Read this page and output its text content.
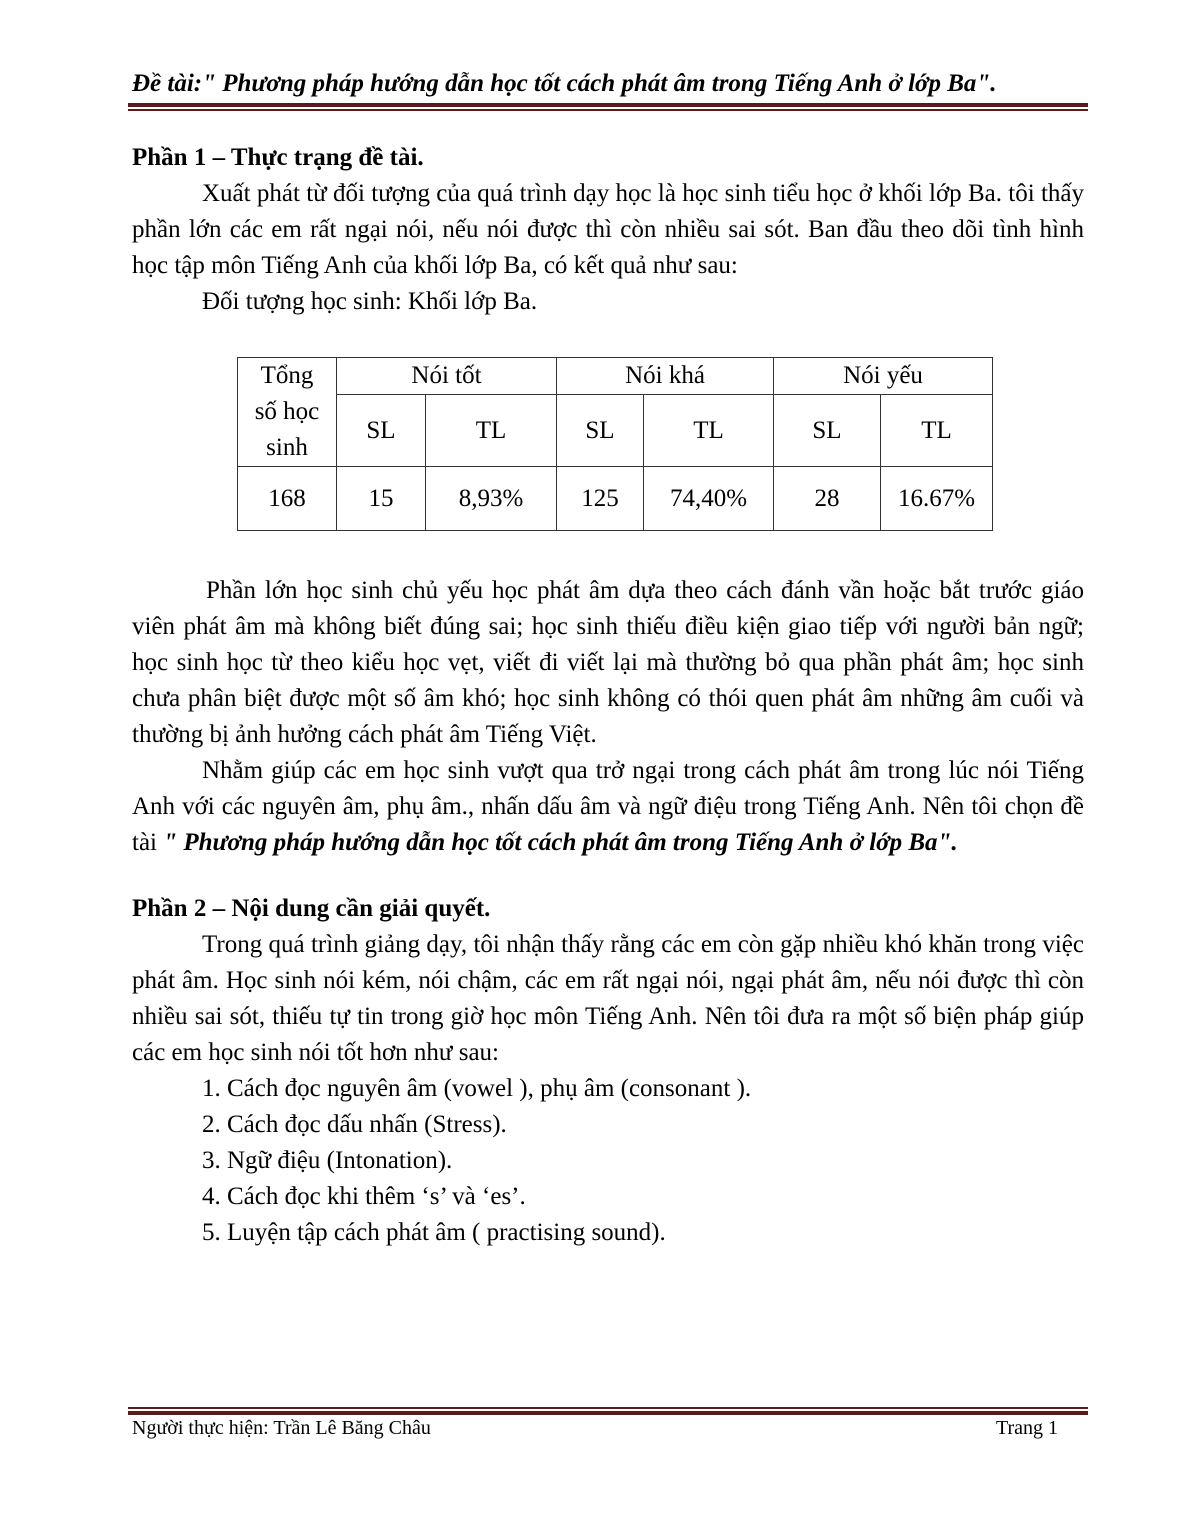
Đề tài:" Phương pháp hướng dẫn học tốt cách phát âm trong Tiếng Anh ở lớp Ba".

Phần 1 – Thực trạng đề tài.

Xuất phát từ đối tượng của quá trình dạy học là học sinh tiểu học ở khối lớp Ba. tôi thấy phần lớn các em rất ngại nói, nếu nói được thì còn nhiều sai sót. Ban đầu theo dõi tình hình học tập môn Tiếng Anh của khối lớp Ba, có kết quả như sau:

Đối tượng học sinh: Khối lớp Ba.

Tổng số học sinh	Nói tốt		Nói khá		Nói yếu	
	SL	TL	SL	TL	SL	TL
168	15	8,93%	125	74,40%	28	16.67%

Phần lớn học sinh chủ yếu học phát âm dựa theo cách đánh vần hoặc bắt trước giáo viên phát âm mà không biết đúng sai; học sinh thiếu điều kiện giao tiếp với người bản ngữ; học sinh học từ theo kiểu học vẹt, viết đi viết lại mà thường bỏ qua phần phát âm; học sinh chưa phân biệt được một số âm khó; học sinh không có thói quen phát âm những âm cuối và thường bị ảnh hưởng cách phát âm Tiếng Việt.

Nhằm giúp các em học sinh vượt qua trở ngại trong cách phát âm trong lúc nói Tiếng Anh với các nguyên âm, phụ âm., nhấn dấu âm và ngữ điệu trong Tiếng Anh. Nên tôi chọn đề tài " Phương pháp hướng dẫn học tốt cách phát âm trong Tiếng Anh ở lớp Ba".

Phần 2 – Nội dung cần giải quyết.

Trong quá trình giảng dạy, tôi nhận thấy rằng các em còn gặp nhiều khó khăn trong việc phát âm. Học sinh nói kém, nói chậm, các em rất ngại nói, ngại phát âm, nếu nói được thì còn nhiều sai sót, thiếu tự tin trong giờ học môn Tiếng Anh. Nên tôi đưa ra một số biện pháp giúp các em học sinh nói tốt hơn như sau:

1. Cách đọc nguyên âm (vowel ), phụ âm (consonant ).
2. Cách đọc dấu nhấn (Stress).
3. Ngữ điệu (Intonation).
4. Cách đọc khi thêm ‘s’ và ‘es’.
5. Luyện tập cách phát âm ( practising sound).
Người thực hiện: Trần Lê Băng Châu	Trang 1
